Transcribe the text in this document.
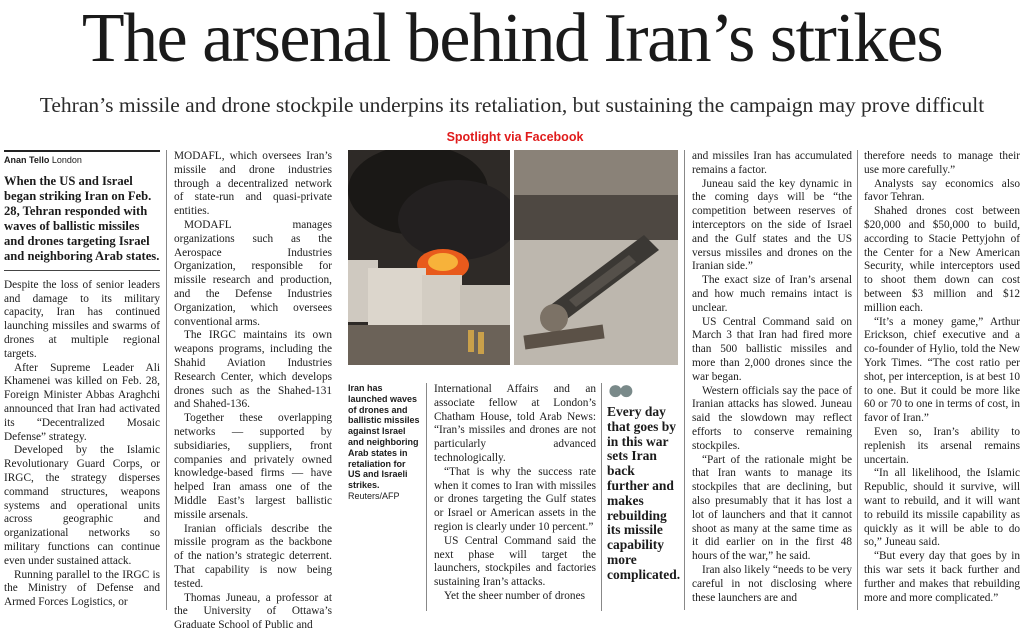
The arsenal behind Iran’s strikes
Tehran’s missile and drone stockpile underpins its retaliation, but sustaining the campaign may prove difficult
Spotlight via Facebook
Anan Tello London
When the US and Israel began striking Iran on Feb. 28, Tehran responded with waves of ballistic missiles and drones targeting Israel and neighboring Arab states.

Despite the loss of senior leaders and damage to its military capacity, Iran has continued launching missiles and swarms of drones at multiple regional targets.

After Supreme Leader Ali Khamenei was killed on Feb. 28, Foreign Minister Abbas Araghchi announced that Iran had activated its “Decentralized Mosaic Defense” strategy.

Developed by the Islamic Revolutionary Guard Corps, or IRGC, the strategy disperses command structures, weapons systems and operational units across geographic and organizational networks so military functions can continue even under sustained attack.

Running parallel to the IRGC is the Ministry of Defense and Armed Forces Logistics, or

MODAFL, which oversees Iran’s missile and drone industries through a decentralized network of state-run and quasi-private entities.

MODAFL manages organizations such as the Aerospace Industries Organization, responsible for missile research and production, and the Defense Industries Organization, which oversees conventional arms.

The IRGC maintains its own weapons programs, including the Shahid Aviation Industries Research Center, which develops drones such as the Shahed-131 and Shahed-136.

Together these overlapping networks — supported by subsidiaries, suppliers, front companies and privately owned knowledge-based firms — have helped Iran amass one of the Middle East’s largest ballistic missile arsenals.

Iranian officials describe the missile program as the backbone of the nation’s strategic deterrent. That capability is now being tested.

Thomas Juneau, a professor at the University of Ottawa’s Graduate School of Public and

Iran has launched waves of drones and ballistic missiles against Israel and neighboring Arab states in retaliation for US and Israeli strikes.
Reuters/AFP

International Affairs and an associate fellow at London’s Chatham House, told Arab News: “Iran’s missiles and drones are not particularly advanced technologically.

“That is why the success rate when it comes to Iran with missiles or drones targeting the Gulf states or Israel or American assets in the region is clearly under 10 percent.”

US Central Command said the next phase will target the launchers, stockpiles and factories sustaining Iran’s attacks.

Yet the sheer number of drones

●●
Every day that goes by in this war sets Iran back further and makes rebuilding its missile capability more complicated.

and missiles Iran has accumulated remains a factor.

Juneau said the key dynamic in the coming days will be “the competition between reserves of interceptors on the side of Israel and the Gulf states and the US versus missiles and drones on the Iranian side.”

The exact size of Iran’s arsenal and how much remains intact is unclear.

US Central Command said on March 3 that Iran had fired more than 500 ballistic missiles and more than 2,000 drones since the war began.

Western officials say the pace of Iranian attacks has slowed. Juneau said the slowdown may reflect efforts to conserve remaining stockpiles.

“Part of the rationale might be that Iran wants to manage its stockpiles that are declining, but also presumably that it has lost a lot of launchers and that it cannot shoot as many at the same time as it did earlier on in the first 48 hours of the war,” he said.

Iran also likely “needs to be very careful in not disclosing where these launchers are and

therefore needs to manage their use more carefully.”

Analysts say economics also favor Tehran.

Shahed drones cost between $20,000 and $50,000 to build, according to Stacie Pettyjohn of the Center for a New American Security, while interceptors used to shoot them down can cost between $3 million and $12 million each.

“It’s a money game,” Arthur Erickson, chief executive and a co-founder of Hylio, told the New York Times. “The cost ratio per shot, per interception, is at best 10 to one. But it could be more like 60 or 70 to one in terms of cost, in favor of Iran.”

Even so, Iran’s ability to replenish its arsenal remains uncertain.

“In all likelihood, the Islamic Republic, should it survive, will want to rebuild, and it will want to rebuild its missile capability as quickly as it will be able to do so,” Juneau said.

“But every day that goes by in this war sets it back further and further and makes that rebuilding more and more complicated.”
